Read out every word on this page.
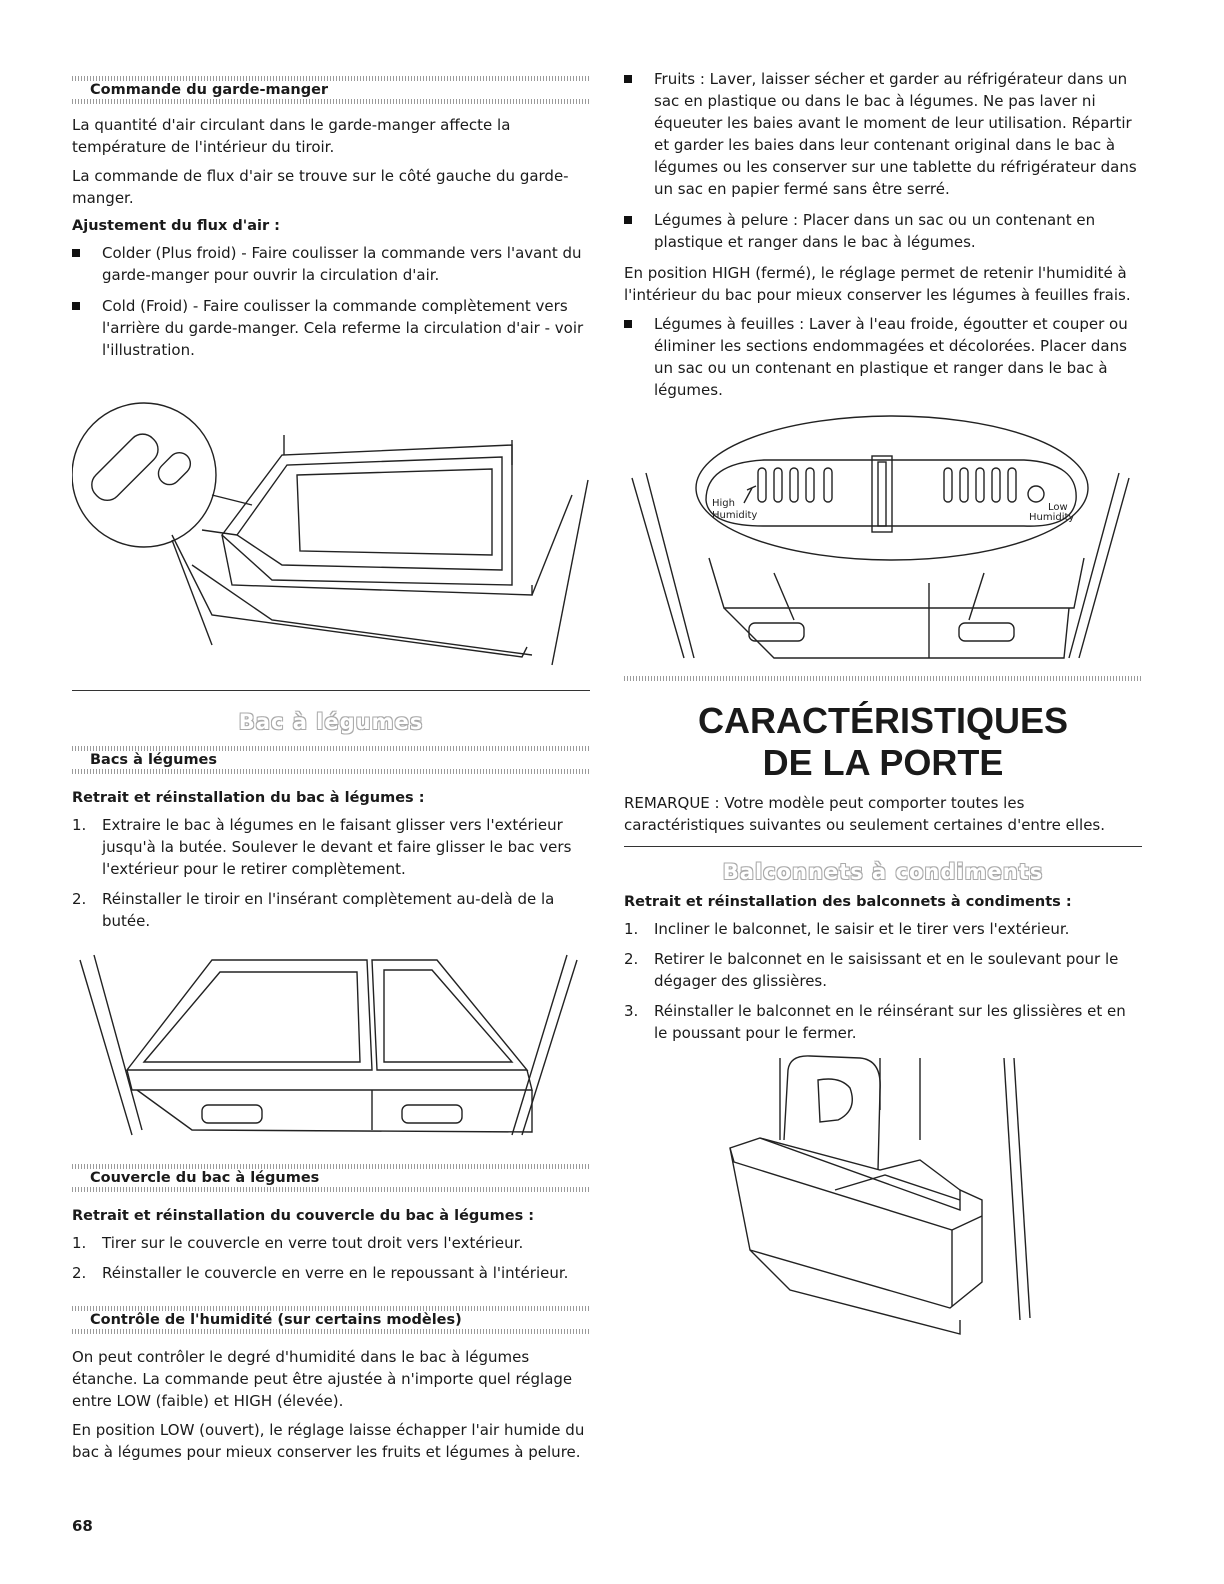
Commande du garde-manger

La quantité d'air circulant dans le garde-manger affecte la température de l'intérieur du tiroir.

La commande de flux d'air se trouve sur le côté gauche du garde-manger.

Ajustement du flux d'air :
Colder (Plus froid) - Faire coulisser la commande vers l'avant du garde-manger pour ouvrir la circulation d'air.
Cold (Froid) - Faire coulisser la commande complètement vers l'arrière du garde-manger. Cela referme la circulation d'air - voir l'illustration.
Bac à légumes
Bacs à légumes
Retrait et réinstallation du bac à légumes :
1. Extraire le bac à légumes en le faisant glisser vers l'extérieur jusqu'à la butée. Soulever le devant et faire glisser le bac vers l'extérieur pour le retirer complètement.
2. Réinstaller le tiroir en l'insérant complètement au-delà de la butée.
Couvercle du bac à légumes
Retrait et réinstallation du couvercle du bac à légumes :
1. Tirer sur le couvercle en verre tout droit vers l'extérieur.
2. Réinstaller le couvercle en verre en le repoussant à l'intérieur.
Contrôle de l'humidité (sur certains modèles)

On peut contrôler le degré d'humidité dans le bac à légumes étanche. La commande peut être ajustée à n'importe quel réglage entre LOW (faible) et HIGH (élevée).

En position LOW (ouvert), le réglage laisse échapper l'air humide du bac à légumes pour mieux conserver les fruits et légumes à pelure.

68
Fruits : Laver, laisser sécher et garder au réfrigérateur dans un sac en plastique ou dans le bac à légumes. Ne pas laver ni équeuter les baies avant le moment de leur utilisation. Répartir et garder les baies dans leur contenant original dans le bac à légumes ou les conserver sur une tablette du réfrigérateur dans un sac en papier fermé sans être serré.
Légumes à pelure : Placer dans un sac ou un contenant en plastique et ranger dans le bac à légumes.

En position HIGH (fermé), le réglage permet de retenir l'humidité à l'intérieur du bac pour mieux conserver les légumes à feuilles frais.

Légumes à feuilles : Laver à l'eau froide, égoutter et couper ou éliminer les sections endommagées et décolorées. Placer dans un sac ou un contenant en plastique et ranger dans le bac à légumes.
High
Humidity
Low
Humidity
CARACTÉRISTIQUES
DE LA PORTE

REMARQUE : Votre modèle peut comporter toutes les caractéristiques suivantes ou seulement certaines d'entre elles.

Balconnets à condiments
Retrait et réinstallation des balconnets à condiments :
1. Incliner le balconnet, le saisir et le tirer vers l'extérieur.
2. Retirer le balconnet en le saisissant et en le soulevant pour le dégager des glissières.
3. Réinstaller le balconnet en le réinsérant sur les glissières et en le poussant pour le fermer.
